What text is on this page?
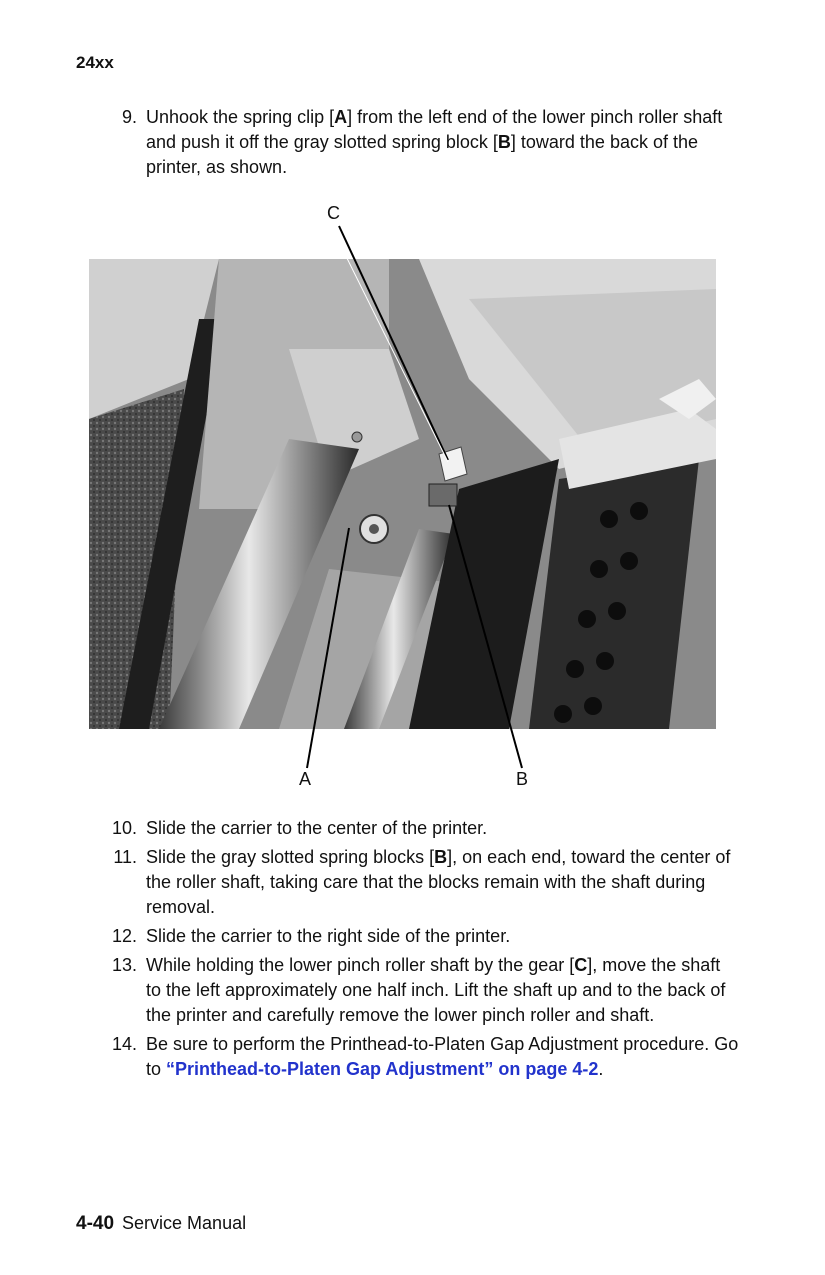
24xx
9. Unhook the spring clip [A] from the left end of the lower pinch roller shaft and push it off the gray slotted spring block [B] toward the back of the printer, as shown.
C
A	B
10. Slide the carrier to the center of the printer.
11. Slide the gray slotted spring blocks [B], on each end, toward the center of the roller shaft, taking care that the blocks remain with the shaft during removal.
12. Slide the carrier to the right side of the printer.
13. While holding the lower pinch roller shaft by the gear [C], move the shaft to the left approximately one half inch. Lift the shaft up and to the back of the printer and carefully remove the lower pinch roller and shaft.
14. Be sure to perform the Printhead-to-Platen Gap Adjustment procedure. Go to “Printhead-to-Platen Gap Adjustment” on page 4-2.
4-40 Service Manual
